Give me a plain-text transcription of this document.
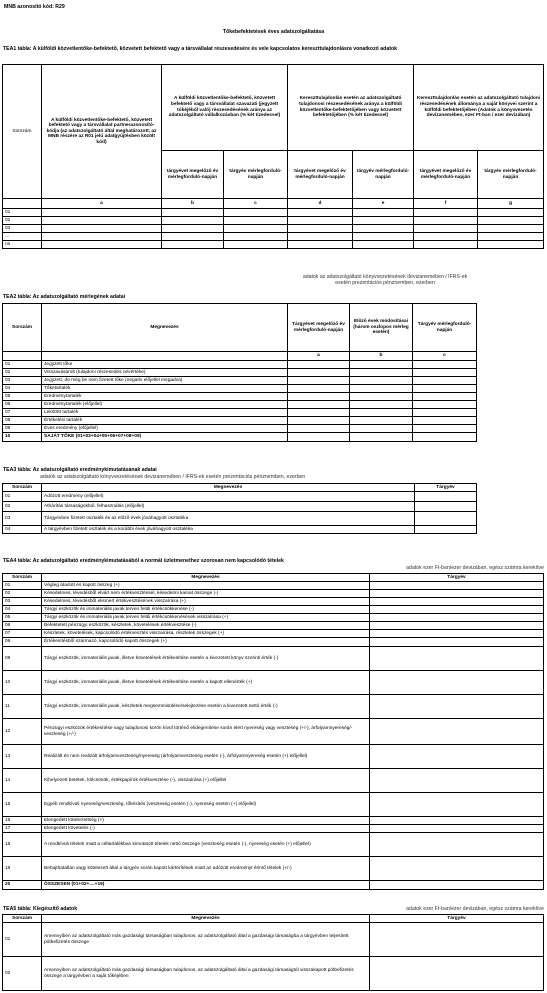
MNB azonosító kód: R29
Tőkebefektetések éves adatszolgáltatása
TEA1 tábla: A külföldi közvetlentőke-befektető, közvetett befektető vagy a társvállalat részesedésére és vele kapcsolatos kereszttulajdonlásra vonatkozó adatok
Sorszám	A külföldi közvetlentőke-befektető, közvetett befektető vagy a társvállalat partnerazonosító-kódja (az adatszolgáltató által meghatározott, az MNB részére az R01 jelű adatgyűjtésben közölt kód)	A külföldi közvetlentőke-befektető, közvetett befektető vagy a társvállalat szavazati (jegyzett tőkéjéből való) részesedésének aránya az adatszolgáltató vállalkozásban (% két tizedessel)		Kereszttulajdonlás esetén az adatszolgáltató tulajdonosi részesedésének aránya a külföldi közvetlentőke-befektetőjében vagy közvetett befektetőjében (% két tizedessel)		Kereszttulajdonlás esetén az adatszolgáltató tulajdoni részesedésének állománya a saját könyvei szerint a külföldi befektetőjében (Adatok a könyvvezetés devizanemében, ezer Ft-ban / ezer devizában)	
		tárgyévet megelőző év mérlegforduló-napján	tárgyév mérlegforduló-napján	tárgyévet megelőző év mérlegforduló-napján	tárgyév mérlegforduló-napján	tárgyévet megelőző év mérlegforduló-napján	tárgyév mérlegforduló-napján
	a	b	c	d	e	f	g
01							
02							
03							
...							
nn							
adatok az adatszolgáltató könyvvezetésének devizanemében / IFRS-ek esetén prezentációs pénznemben, ezerben
TEA2 tábla: Az adatszolgáltató mérlegének adatai
Sorszám	Megnevezés	Tárgyévet megelőző év mérlegforduló-napján	Előző évek módosításai (három oszlopos mérleg esetén)	Tárgyév mérlegforduló-napján
		a	b	c
01	Jegyzett tőke			
02	Visszavásárolt (tulajdoni részesedés névértéke)			
03	Jegyzett, de még be nem fizetett tőke (negatív előjellel megadva)			
04	Tőketartalék			
05	Eredménytartalék			
06	Eredménytartalék (előjellel)			
07	Lekötött tartalék			
08	Értékelési tartalék			
09	Éves eredmény (előjellel)			
10	SAJÁT TŐKE (01+03+04+05+06+07+08+09)			
TEA3 tábla: Az adatszolgáltató eredménykimutatásának adatai
adatok az adatszolgáltató könyvvezetésének devizanemében / IFRS-ek esetén prezentációs pénznemben, ezerben
Sorszám	Megnevezés	Tárgyév
01	Adózott eredmény (előjellel)	
02	Áthárítás társaságokból, felhasználás (előjellel)	
03	Tárgyévben fizetett osztalék és az előző évek jóváhagyott osztaléka	
04	A tárgyévben fizetett osztalék és a korábbi évek jóváhagyott osztaléka	
TEA4 tábla: Az adatszolgáltató eredménykimutatásából a normál üzletmenethez szorosan nem kapcsolódó tételek
adatok ezer Ft-ban/ezer devizában, egész számra kerekítve
Sorszám	Megnevezés	Tárgyév
01	Végleg átadott és kapott összeg (+)	
02	Késedelmes, tévedésből elvárt nem értékvesztéssel, késedelmi kamat összege (-)	
03	Késedelmes, tévedésből elismert értékvesztésének visszaírása (+)	
04	Tárgyi eszközök és immateriális javak terven felüli értékcsökkenése (-)	
05	Tárgyi eszközök és immateriális javak terven felüli értékcsökkenésének visszaírása (+)	
06	Befektetett pénzügyi eszközök, készletek, követelések értékvesztése (-)	
07	Készletek, követelések, kapcsolódó értékvesztés visszaírása, részletek összegek (+)	
08	Értékesítésből származó, kapcsolódó kapott összegek (+)	
09	Tárgyi eszközök, immateriális javak, illetve követelések értékesítése esetén a kivezetett könyv szerinti érték (-)	
10	Tárgyi eszközök, immateriális javak, illetve követelések értékesítése esetén a kapott ellenérték (+)	
11	Tárgyi eszközök, immateriális javak, készletek megsemmisülése/selejtezése esetén a kivezetett nettó érték (-)	
12	Pénzügyi eszközök értékesítése vagy tulajdonosi körön kívül történő elidegenítése során elért nyereség vagy veszteség (+/-), árfolyamnyereség/-veszteség (+/-)	
13	Realizált és nem realizált árfolyamveszteség/nyereség (árfolyamveszteség esetén (-), árfolyamnyereség esetén (+) előjellel)	
14	Kihelyezett betétek, kölcsönök, értékpapírok értékvesztése (-), visszaírása (+) előjellel	
15	Egyéb rendkívüli nyereség/veszteség, tőkésítés (veszteség esetén (-), nyereség esetén (+) előjellel)	
16	Elengedett kötelezettség (+)	
17	Elengedett követelés (-)	
18	A rendkívüli tételek miatt a céltartalékban kimutatott tételek nettó összege (veszteség esetén (-), nyereség esetén (+) előjellel)	
19	Behajthatatlan vagy kötelezett által a tárgyév során kapott kártérítések miatt az adózott eredményt érintő tételek (+/-)	
20	ÖSSZESEN (01+02+....+19)	
TEA5 tábla: Kiegészítő adatok	adatok ezer Ft-ban/ezer devizában, egész számra kerekítve
Sorszám	Megnevezés	Tárgyév
01	Amennyiben az adatszolgáltató más gazdasági társaságban tulajdonos, az adatszolgáltató által a gazdasági társaságba a tárgyévben teljesített pótbefizetés összege	
02	Amennyiben az adatszolgáltató más gazdasági társaságban tulajdonos, az adatszolgáltató által a gazdasági társaságtól visszakapott pótbefizetés összege a tárgyévben a saját tőkéjében	
